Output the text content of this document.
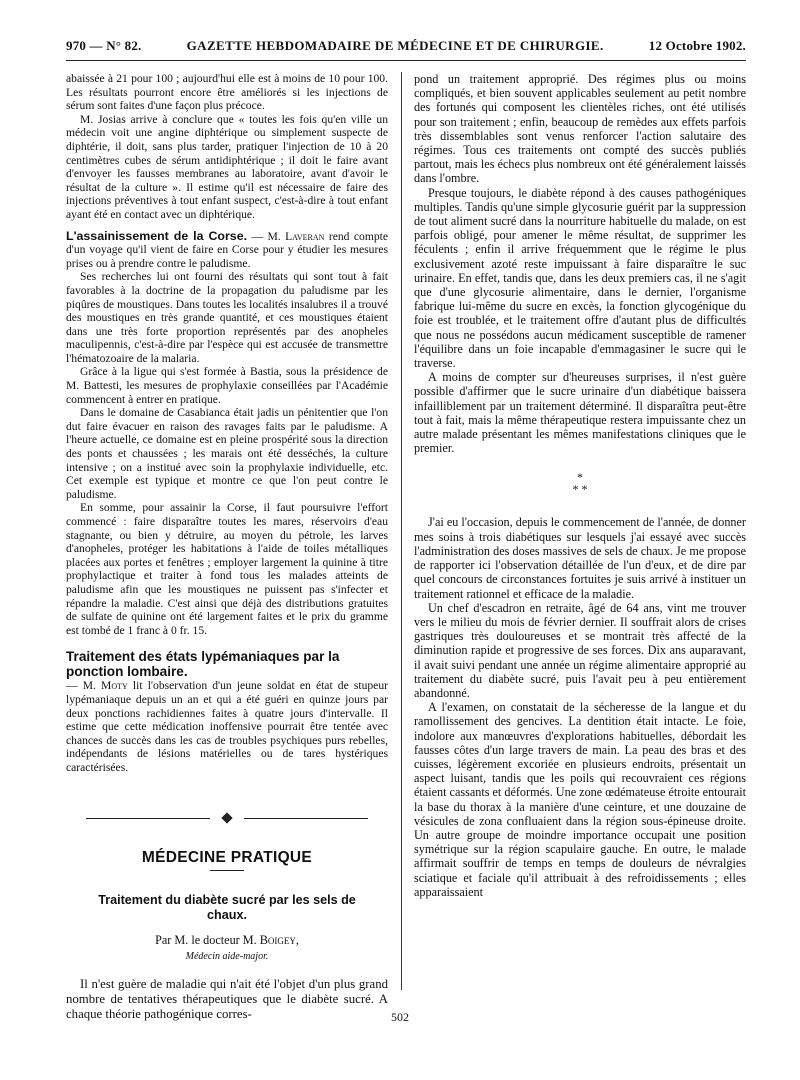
970 — N° 82.	GAZETTE HEBDOMADAIRE DE MÉDECINE ET DE CHIRURGIE.	12 Octobre 1902.

abaissée à 21 pour 100 ; aujourd'hui elle est à moins de 10 pour 100. Les résultats pourront encore être améliorés si les injections de sérum sont faites d'une façon plus précoce.

M. Josias arrive à conclure que « toutes les fois qu'en ville un médecin voit une angine diphtérique ou simplement suspecte de diphtérie, il doit, sans plus tarder, pratiquer l'injection de 10 à 20 centimètres cubes de sérum antidiphtérique ; il doit le faire avant d'envoyer les fausses membranes au laboratoire, avant d'avoir le résultat de la culture ». Il estime qu'il est nécessaire de faire des injections préventives à tout enfant suspect, c'est-à-dire à tout enfant ayant été en contact avec un diphtérique.

L'assainissement de la Corse. — M. Laveran rend compte d'un voyage qu'il vient de faire en Corse pour y étudier les mesures prises ou à prendre contre le paludisme.

Ses recherches lui ont fourni des résultats qui sont tout à fait favorables à la doctrine de la propagation du paludisme par les piqûres de moustiques. Dans toutes les localités insalubres il a trouvé des moustiques en très grande quantité, et ces moustiques étaient dans une très forte proportion représentés par des anopheles maculipennis, c'est-à-dire par l'espèce qui est accusée de transmettre l'hématozoaire de la malaria.

Grâce à la ligue qui s'est formée à Bastia, sous la présidence de M. Battesti, les mesures de prophylaxie conseillées par l'Académie commencent à entrer en pratique.

Dans le domaine de Casabianca était jadis un pénitentier que l'on dut faire évacuer en raison des ravages faits par le paludisme. A l'heure actuelle, ce domaine est en pleine prospérité sous la direction des ponts et chaussées ; les marais ont été desséchés, la culture intensive ; on a institué avec soin la prophylaxie individuelle, etc. Cet exemple est typique et montre ce que l'on peut contre le paludisme.

En somme, pour assainir la Corse, il faut poursuivre l'effort commencé : faire disparaître toutes les mares, réservoirs d'eau stagnante, ou bien y détruire, au moyen du pétrole, les larves d'anopheles, protéger les habitations à l'aide de toiles métalliques placées aux portes et fenêtres ; employer largement la quinine à titre prophylactique et traiter à fond tous les malades atteints de paludisme afin que les moustiques ne puissent pas s'infecter et répandre la maladie. C'est ainsi que déjà des distributions gratuites de sulfate de quinine ont été largement faites et le prix du gramme est tombé de 1 franc à 0 fr. 15.

Traitement des états lypémaniaques par la ponction lombaire.

— M. Moty lit l'observation d'un jeune soldat en état de stupeur lypémaniaque depuis un an et qui a été guéri en quinze jours par deux ponctions rachidiennes faites à quatre jours d'intervalle. Il estime que cette médication inoffensive pourrait être tentée avec chances de succès dans les cas de troubles psychiques purs rebelles, indépendants de lésions matérielles ou de tares hystériques caractérisées.

MÉDECINE PRATIQUE
Traitement du diabète sucré par les sels de chaux.
Par M. le docteur M. Boigey,
Médecin aide-major.

Il n'est guère de maladie qui n'ait été l'objet d'un plus grand nombre de tentatives thérapeutiques que le diabète sucré. A chaque théorie pathogénique corres-

pond un traitement approprié. Des régimes plus ou moins compliqués, et bien souvent applicables seulement au petit nombre des fortunés qui composent les clientèles riches, ont été utilisés pour son traitement ; enfin, beaucoup de remèdes aux effets parfois très dissemblables sont venus renforcer l'action salutaire des régimes. Tous ces traitements ont compté des succès publiés partout, mais les échecs plus nombreux ont été généralement laissés dans l'ombre.

Presque toujours, le diabète répond à des causes pathogéniques multiples. Tandis qu'une simple glycosurie guérit par la suppression de tout aliment sucré dans la nourriture habituelle du malade, on est parfois obligé, pour amener le même résultat, de supprimer les féculents ; enfin il arrive fréquemment que le régime le plus exclusivement azoté reste impuissant à faire disparaître le suc urinaire. En effet, tandis que, dans les deux premiers cas, il ne s'agit que d'une glycosurie alimentaire, dans le dernier, l'organisme fabrique lui-même du sucre en excès, la fonction glycogénique du foie est troublée, et le traitement offre d'autant plus de difficultés que nous ne possédons aucun médicament susceptible de ramener l'équilibre dans un foie incapable d'emmagasiner le sucre qui le traverse.

A moins de compter sur d'heureuses surprises, il n'est guère possible d'affirmer que le sucre urinaire d'un diabétique baissera infailliblement par un traitement déterminé. Il disparaîtra peut-être tout à fait, mais la même thérapeutique restera impuissante chez un autre malade présentant les mêmes manifestations cliniques que le premier.

*
* *

J'ai eu l'occasion, depuis le commencement de l'année, de donner mes soins à trois diabétiques sur lesquels j'ai essayé avec succès l'administration des doses massives de sels de chaux. Je me propose de rapporter ici l'observation détaillée de l'un d'eux, et de dire par quel concours de circonstances fortuites je suis arrivé à instituer un traitement rationnel et efficace de la maladie.

Un chef d'escadron en retraite, âgé de 64 ans, vint me trouver vers le milieu du mois de février dernier. Il souffrait alors de crises gastriques très douloureuses et se montrait très affecté de la diminution rapide et progressive de ses forces. Dix ans auparavant, il avait suivi pendant une année un régime alimentaire approprié au traitement du diabète sucré, puis l'avait peu à peu entièrement abandonné.

A l'examen, on constatait de la sécheresse de la langue et du ramollissement des gencives. La dentition était intacte. Le foie, indolore aux manœuvres d'explorations habituelles, débordait les fausses côtes d'un large travers de main. La peau des bras et des cuisses, légèrement excoriée en plusieurs endroits, présentait un aspect luisant, tandis que les poils qui recouvraient ces régions étaient cassants et déformés. Une zone œdémateuse étroite entourait la base du thorax à la manière d'une ceinture, et une douzaine de vésicules de zona confluaient dans la région sous-épineuse droite. Un autre groupe de moindre importance occupait une position symétrique sur la région scapulaire gauche. En outre, le malade affirmait souffrir de temps en temps de douleurs de névralgies sciatique et faciale qu'il attribuait à des refroidissements ; elles apparaissaient

502
